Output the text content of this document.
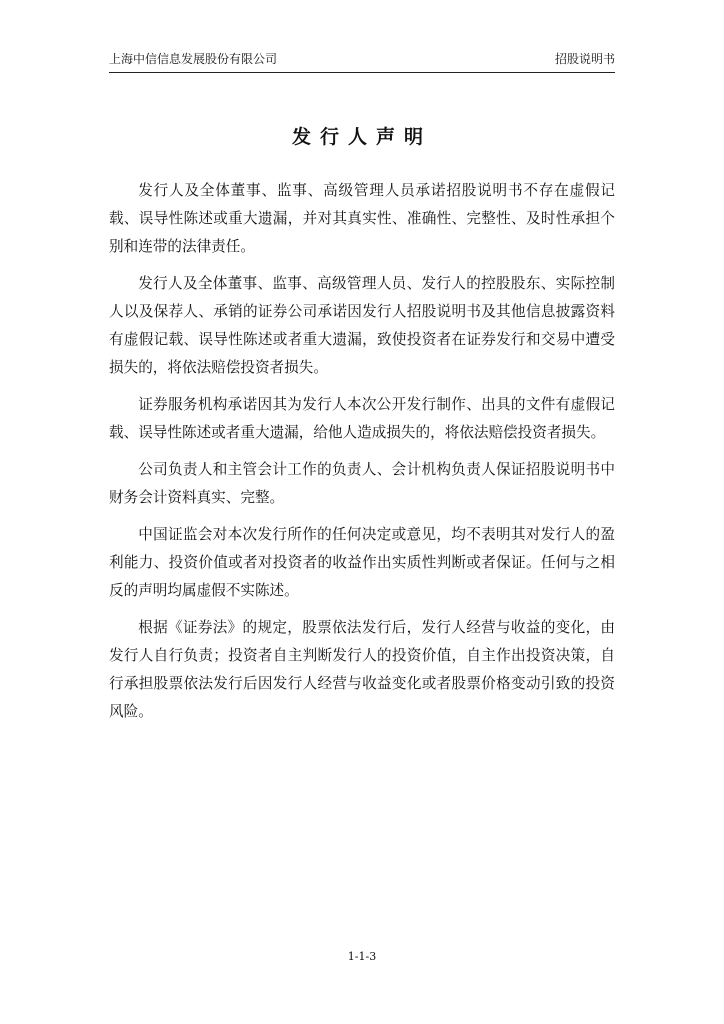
上海中信信息发展股份有限公司	招股说明书
发行人声明

发行人及全体董事、监事、高级管理人员承诺招股说明书不存在虚假记载、误导性陈述或重大遗漏，并对其真实性、准确性、完整性、及时性承担个别和连带的法律责任。

发行人及全体董事、监事、高级管理人员、发行人的控股股东、实际控制人以及保荐人、承销的证券公司承诺因发行人招股说明书及其他信息披露资料有虚假记载、误导性陈述或者重大遗漏，致使投资者在证券发行和交易中遭受损失的，将依法赔偿投资者损失。

证券服务机构承诺因其为发行人本次公开发行制作、出具的文件有虚假记载、误导性陈述或者重大遗漏，给他人造成损失的，将依法赔偿投资者损失。

公司负责人和主管会计工作的负责人、会计机构负责人保证招股说明书中财务会计资料真实、完整。

中国证监会对本次发行所作的任何决定或意见，均不表明其对发行人的盈利能力、投资价值或者对投资者的收益作出实质性判断或者保证。任何与之相反的声明均属虚假不实陈述。

根据《证券法》的规定，股票依法发行后，发行人经营与收益的变化，由发行人自行负责；投资者自主判断发行人的投资价值，自主作出投资决策，自行承担股票依法发行后因发行人经营与收益变化或者股票价格变动引致的投资风险。

1-1-3
